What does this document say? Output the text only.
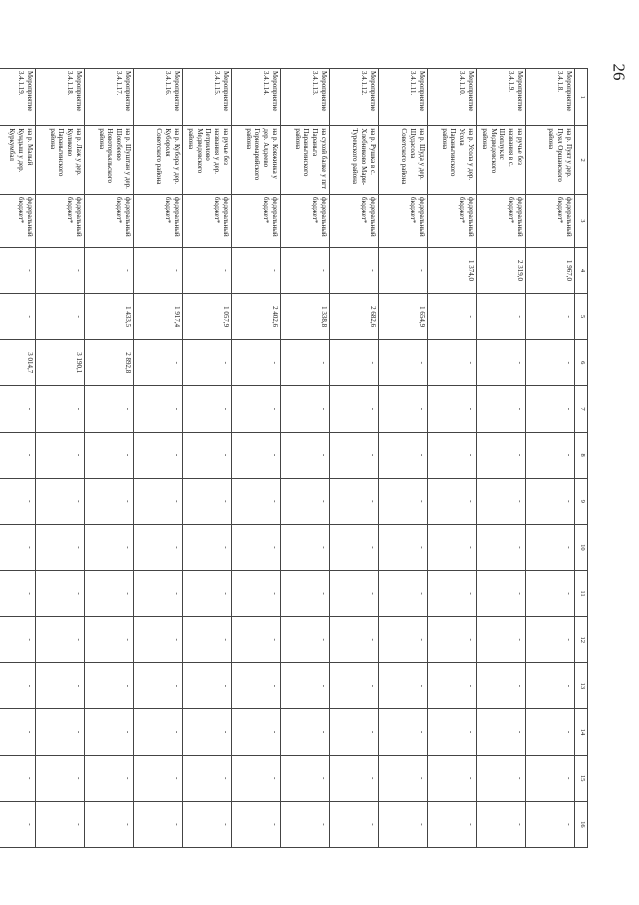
26
1	2	3	4	5	6	7	8	9	10	11	12	13	14	15	16
Мероприятие 3.4.1.8.	на р. Пуят у дер. Пуял Оршанского района	федеральный бюджет*	1 967,0	-	-	-	-	-	-	-	-	-	-	-	-
Мероприятие 3.4.1.9.	на ручье без названия в с. Шоплуклс Медведевского района	федеральный бюджет*	2 319,0	-	-	-	-	-	-	-	-	-	-	-	-
Мероприятие 3.4.1.10.	на р. Усола у дер. Усола Параньгинского района	федеральный бюджет*	1 374,0	-	-	-	-	-	-	-	-	-	-	-	-
Мероприятие 3.4.1.11.	на р. Шуда у дер. Шудасола Советского района	федеральный бюджет*	-	1 654,9	-	-	-	-	-	-	-	-	-	-	-
Мероприятие 3.4.1.12.	на р. Рушка в с. Хлебниково Мари-Турекского района	федеральный бюджет*	-	2 682,6	-	-	-	-	-	-	-	-	-	-	-
Мероприятие 3.4.1.13.	на сухой балке у пгт Параньга Параньгинского района	федеральный бюджет*	-	1 338,8	-	-	-	-	-	-	-	-	-	-	-
Мероприятие 3.4.1.14.	на р. Ковжинка у дер. Алдеево Горномарийского района	федеральный бюджет*	-	2 402,6	-	-	-	-	-	-	-	-	-	-	-
Мероприятие 3.4.1.15.	на ручье без названия у дер. Петрилово Медведевского района	федеральный бюджет*	-	1 057,9	-	-	-	-	-	-	-	-	-	-	-
Мероприятие 3.4.1.16.	на р. Кубора у дер. Кубороля Советского района	федеральный бюджет*	-	1 917,4	-	-	-	-	-	-	-	-	-	-	-
Мероприятие 3.4.1.17.	на р. Шуштан у дер. Шоюбеево Новоторъяльского района	федеральный бюджет*	-	1 433,5	2 892,8	-	-	-	-	-	-	-	-	-	-
Мероприятие 3.4.1.18.	на р. Лаж у дер. Куликово Параньгинского района	федеральный бюджет*	-	-	3 190,1	-	-	-	-	-	-	-	-	-	-
Мероприятие 3.4.1.19.	на р. Малый Кундыш у дер. Куркумбал	федеральный бюджет*	-	-	3 014,7	-	-	-	-	-	-	-	-	-	-
